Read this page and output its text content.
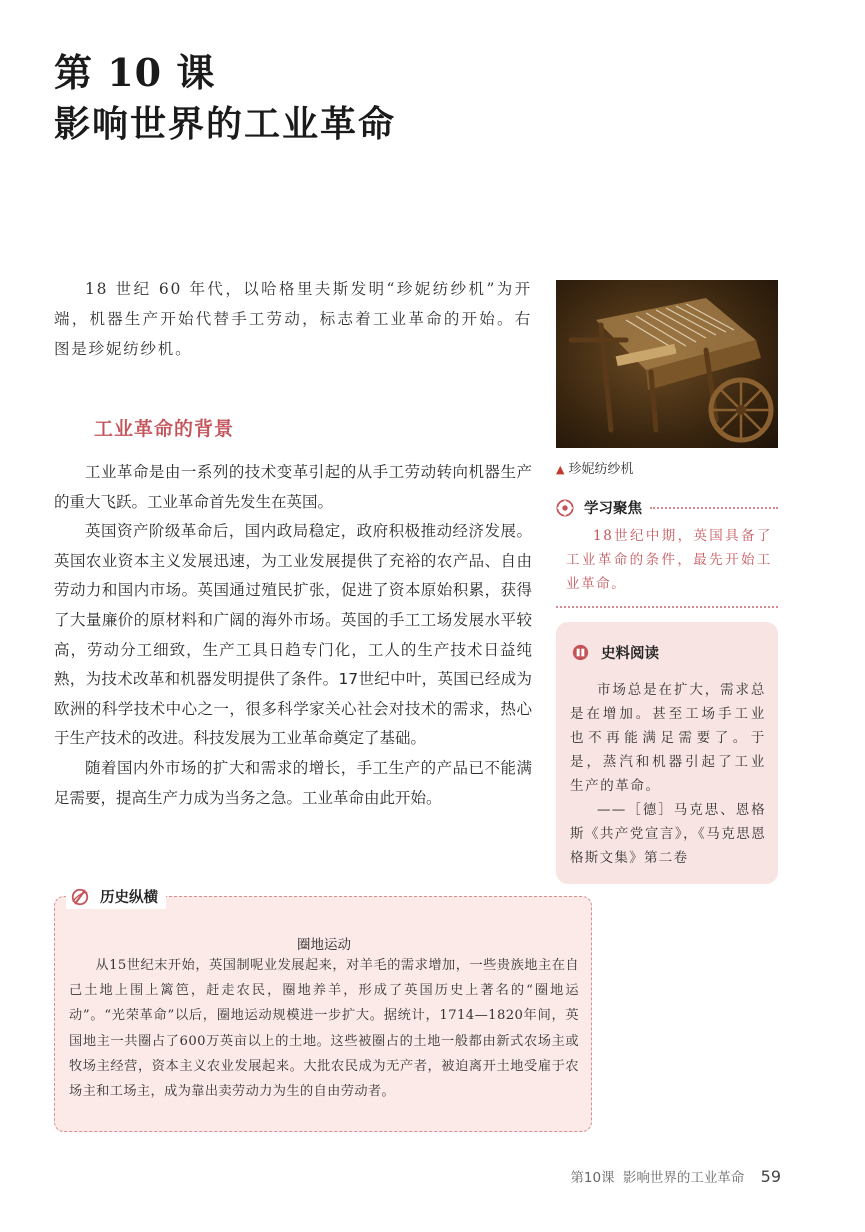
第 10 课
影响世界的工业革命
18 世纪 60 年代，以哈格里夫斯发明“珍妮纺纱机”为开端，机器生产开始代替手工劳动，标志着工业革命的开始。右图是珍妮纺纱机。
▲ 珍妮纺纱机
工业革命的背景

工业革命是由一系列的技术变革引起的从手工劳动转向机器生产的重大飞跃。工业革命首先发生在英国。

英国资产阶级革命后，国内政局稳定，政府积极推动经济发展。英国农业资本主义发展迅速，为工业发展提供了充裕的农产品、自由劳动力和国内市场。英国通过殖民扩张，促进了资本原始积累，获得了大量廉价的原材料和广阔的海外市场。英国的手工工场发展水平较高，劳动分工细致，生产工具日趋专门化，工人的生产技术日益纯熟，为技术改革和机器发明提供了条件。17世纪中叶，英国已经成为欧洲的科学技术中心之一，很多科学家关心社会对技术的需求，热心于生产技术的改进。科技发展为工业革命奠定了基础。

随着国内外市场的扩大和需求的增长，手工生产的产品已不能满足需要，提高生产力成为当务之急。工业革命由此开始。

学习聚焦
18世纪中期，英国具备了工业革命的条件，最先开始工业革命。
史料阅读
市场总是在扩大，需求总是在增加。甚至工场手工业也不再能满足需要了。于是，蒸汽和机器引起了工业生产的革命。
——［德］马克思、恩格斯《共产党宣言》，《马克思恩格斯文集》第二卷
圈地运动
从15世纪末开始，英国制呢业发展起来，对羊毛的需求增加，一些贵族地主在自己土地上围上篱笆，赶走农民，圈地养羊，形成了英国历史上著名的“圈地运动”。“光荣革命”以后，圈地运动规模进一步扩大。据统计，1714—1820年间，英国地主一共圈占了600万英亩以上的土地。这些被圈占的土地一般都由新式农场主或牧场主经营，资本主义农业发展起来。大批农民成为无产者，被迫离开土地受雇于农场主和工场主，成为靠出卖劳动力为生的自由劳动者。
历史纵横
第10课 影响世界的工业革命 59
